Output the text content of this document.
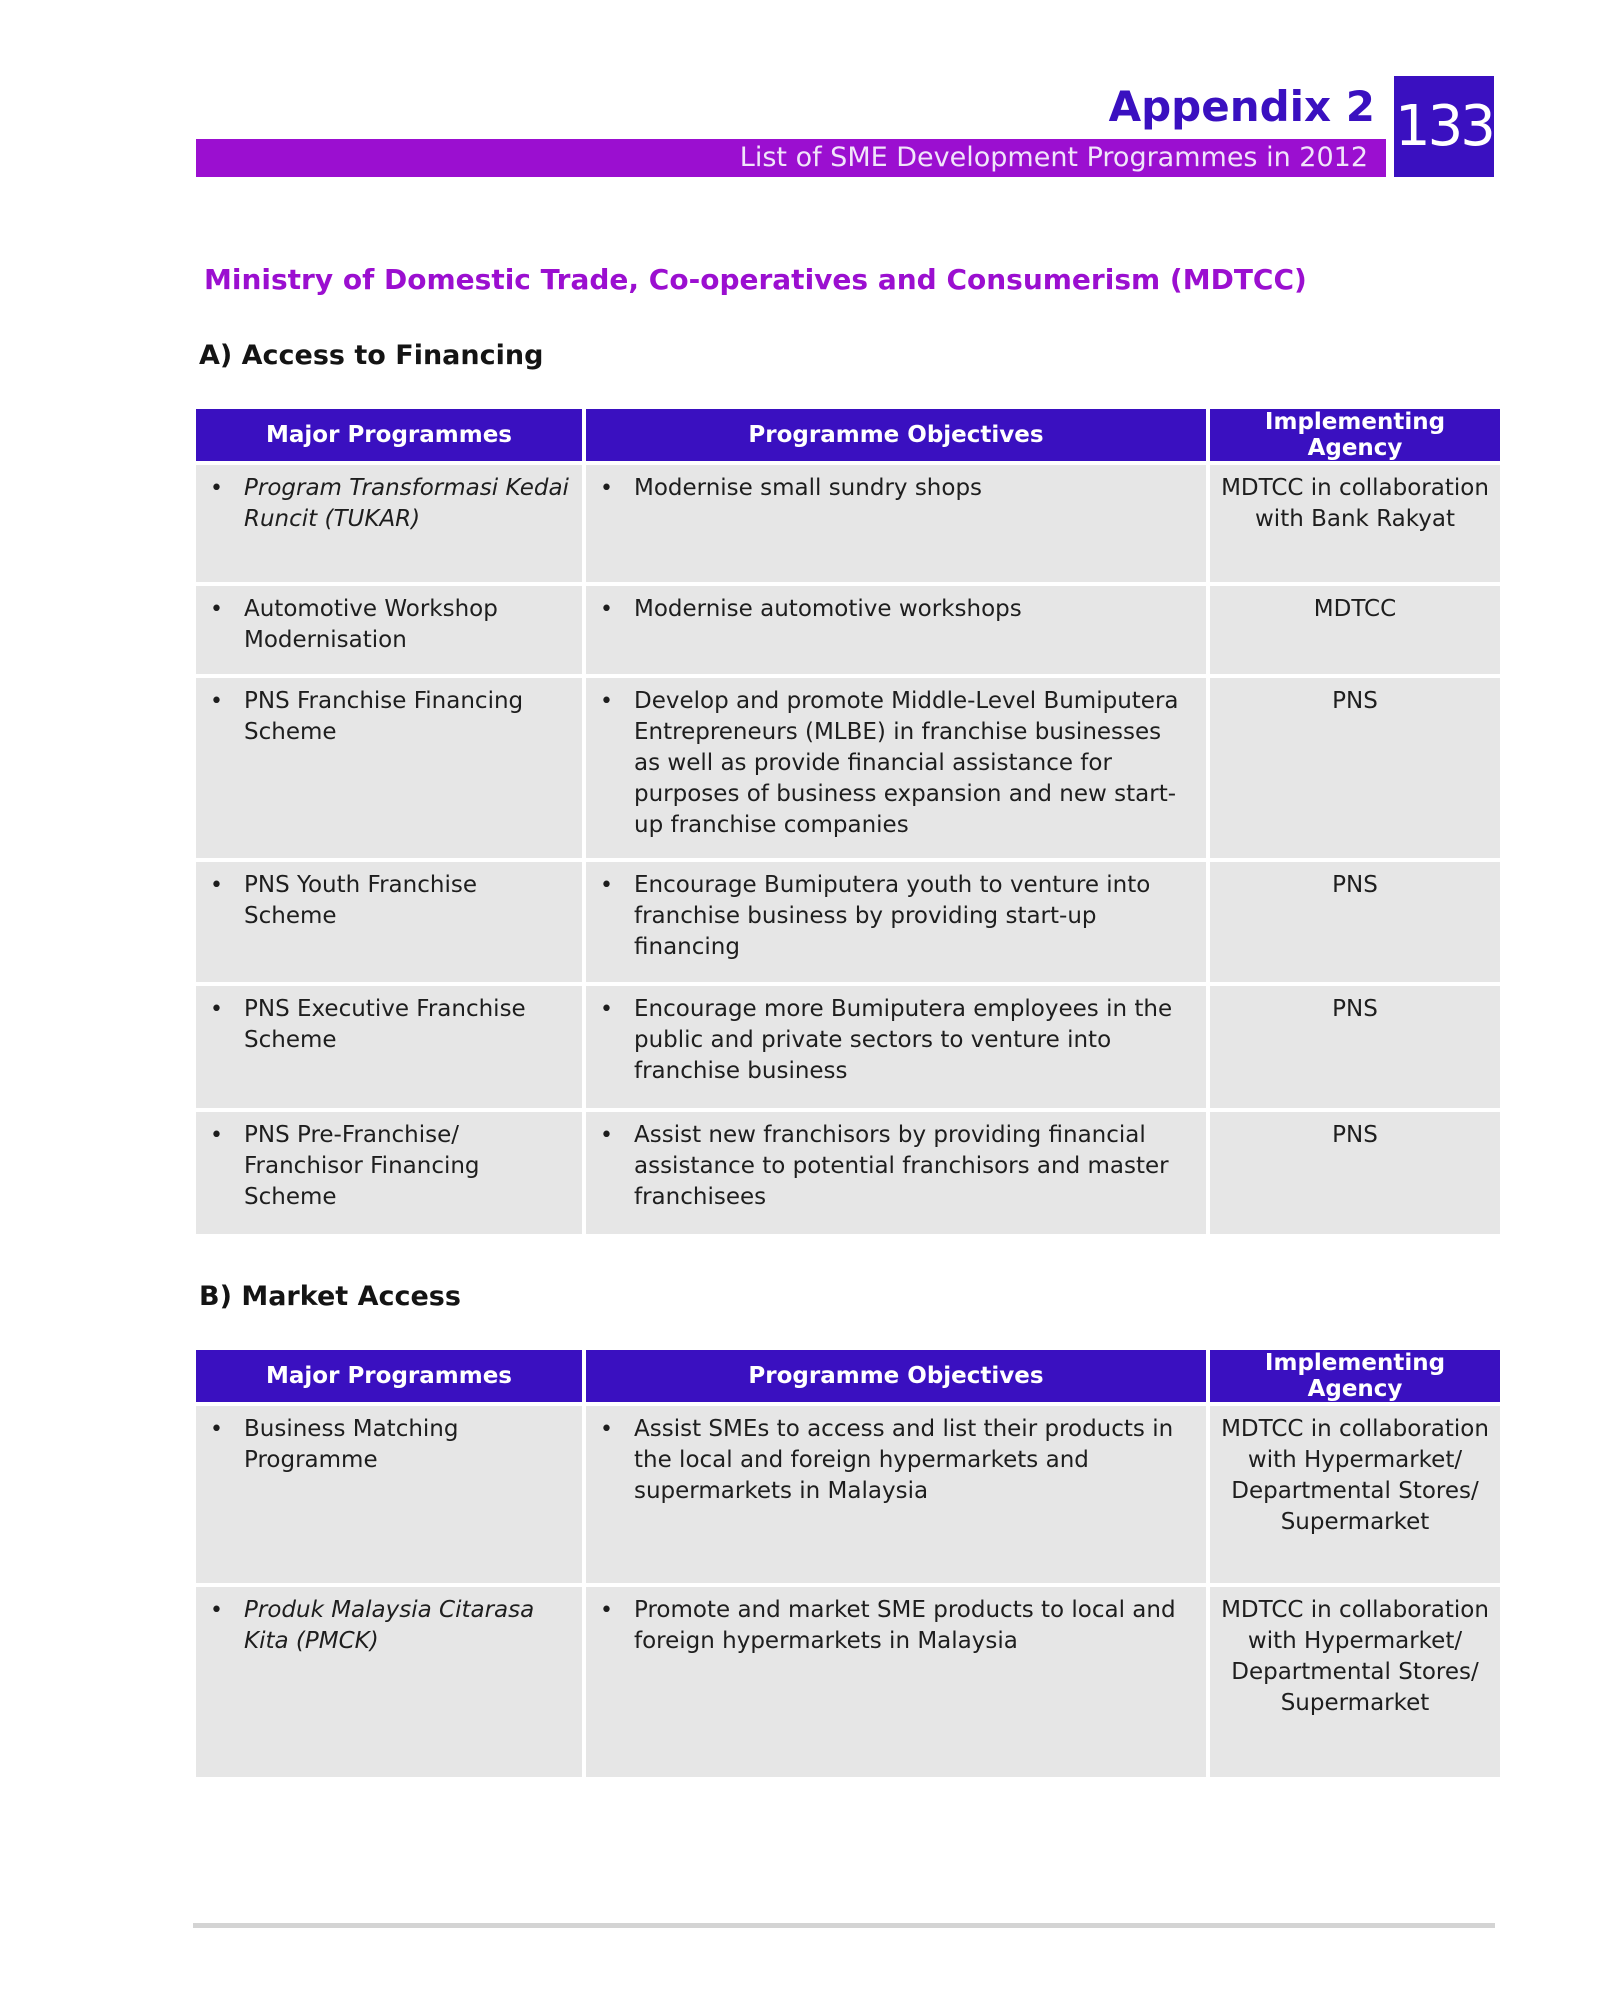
Appendix 2
List of SME Development Programmes in 2012 133
Ministry of Domestic Trade, Co-operatives and Consumerism (MDTCC)
A) Access to Financing
Major Programmes	Programme Objectives	Implementing Agency
• Program Transformasi Kedai Runcit (TUKAR)	• Modernise small sundry shops	MDTCC in collaboration with Bank Rakyat
• Automotive Workshop Modernisation	• Modernise automotive workshops	MDTCC
• PNS Franchise Financing Scheme	• Develop and promote Middle-Level Bumiputera Entrepreneurs (MLBE) in franchise businesses as well as provide financial assistance for purposes of business expansion and new start-up franchise companies	PNS
• PNS Youth Franchise Scheme	• Encourage Bumiputera youth to venture into franchise business by providing start-up financing	PNS
• PNS Executive Franchise Scheme	• Encourage more Bumiputera employees in the public and private sectors to venture into franchise business	PNS
• PNS Pre-Franchise/ Franchisor Financing Scheme	• Assist new franchisors by providing financial assistance to potential franchisors and master franchisees	PNS
B) Market Access
Major Programmes	Programme Objectives	Implementing Agency
• Business Matching Programme	• Assist SMEs to access and list their products in the local and foreign hypermarkets and supermarkets in Malaysia	MDTCC in collaboration with Hypermarket/ Departmental Stores/ Supermarket
• Produk Malaysia Citarasa Kita (PMCK)	• Promote and market SME products to local and foreign hypermarkets in Malaysia	MDTCC in collaboration with Hypermarket/ Departmental Stores/ Supermarket
